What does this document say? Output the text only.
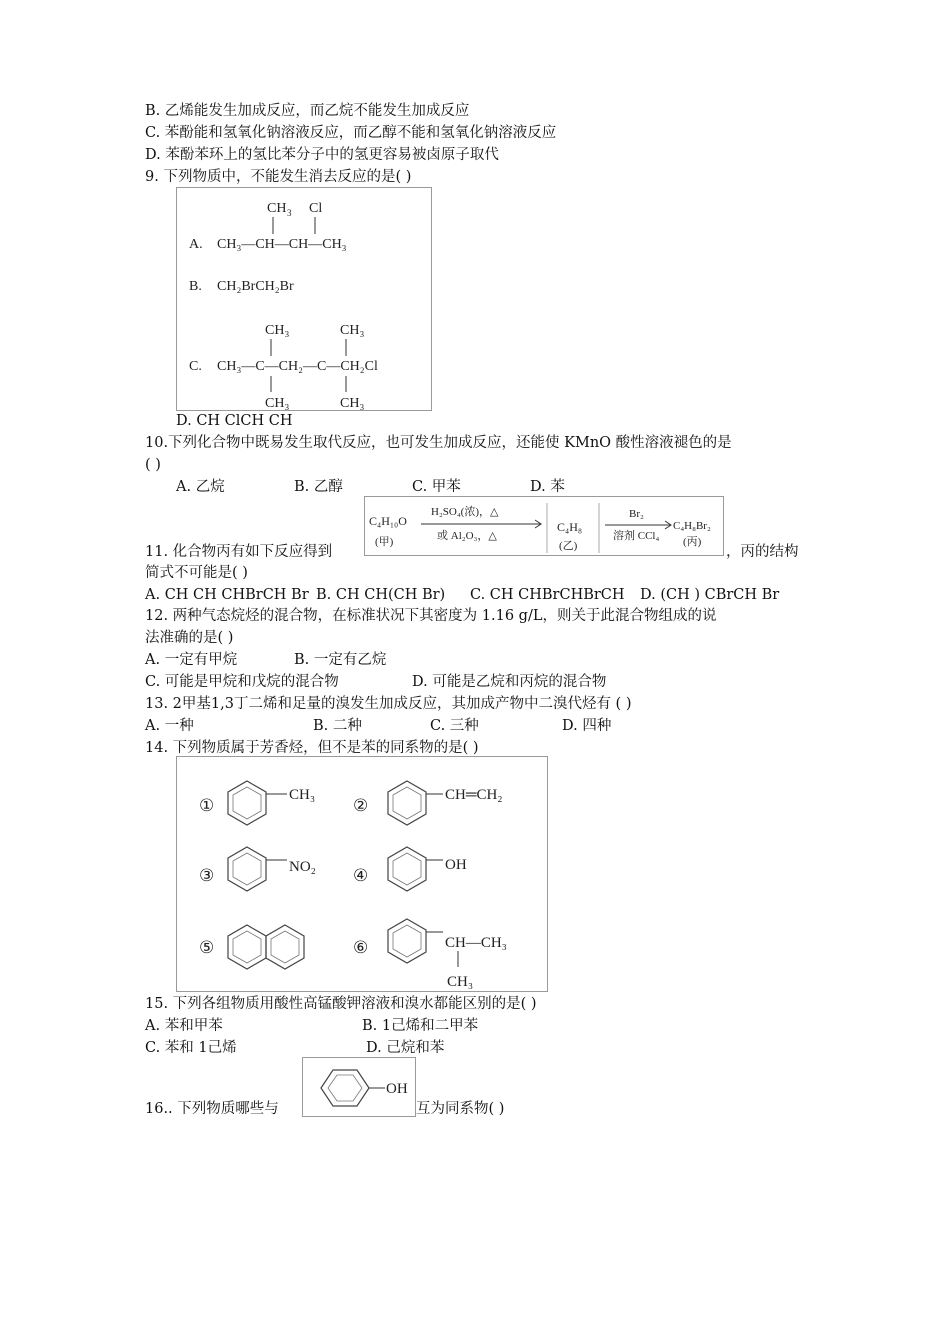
B. 乙烯能发生加成反应，而乙烷不能发生加成反应
C. 苯酚能和氢氧化钠溶液反应，而乙醇不能和氢氧化钠溶液反应
D. 苯酚苯环上的氢比苯分子中的氢更容易被卤原子取代
9. 下列物质中，不能发生消去反应的是( )
A.
CH 3 Cl
CH₃—CH—CH—CH₃
B. CH₂BrCH₂Br
C.
CH₃	CH₃
CH₃—C—CH₂—C—CH₂Cl
CH₃	CH₃
D. CH ClCH CH
10.下列化合物中既易发生取代反应，也可发生加成反应，还能使 KMnO 酸性溶液褪色的是
( )
A. 乙烷	B. 乙醇	C. 甲苯	D. 苯
11. 化合物丙有如下反应得到
C₄H₁₀O
(甲)
H₂SO₄(浓)，△
或 Al₂O₃，△
C₄H₈
(乙)
Br₂
溶剂 CCl₄
C₄H₈Br₂
(丙)
，丙的结构
简式不可能是( )
A. CH CH CHBrCH Br B. CH CH(CH Br) C. CH CHBrCHBrCH D. (CH ) CBrCH Br
12. 两种气态烷烃的混合物，在标准状况下其密度为 1.16 g/L，则关于此混合物组成的说
法准确的是( )
A. 一定有甲烷	B. 一定有乙烷
C. 可能是甲烷和戊烷的混合物	D. 可能是乙烷和丙烷的混合物
13. 2甲基1,3丁二烯和足量的溴发生加成反应，其加成产物中二溴代烃有 ( )
A. 一种	B. 二种	C. 三种	D. 四种
14. 下列物质属于芳香烃，但不是苯的同系物的是( )
①
CH₃
②
CH═CH₂
③	NO₂ ④
OH
⑤	⑥	CH—CH₃
CH₃
15. 下列各组物质用酸性高锰酸钾溶液和溴水都能区别的是( )
A. 苯和甲苯	B. 1己烯和二甲苯
C. 苯和 1己烯	D. 己烷和苯
16.. 下列物质哪些与
OH
互为同系物( )
